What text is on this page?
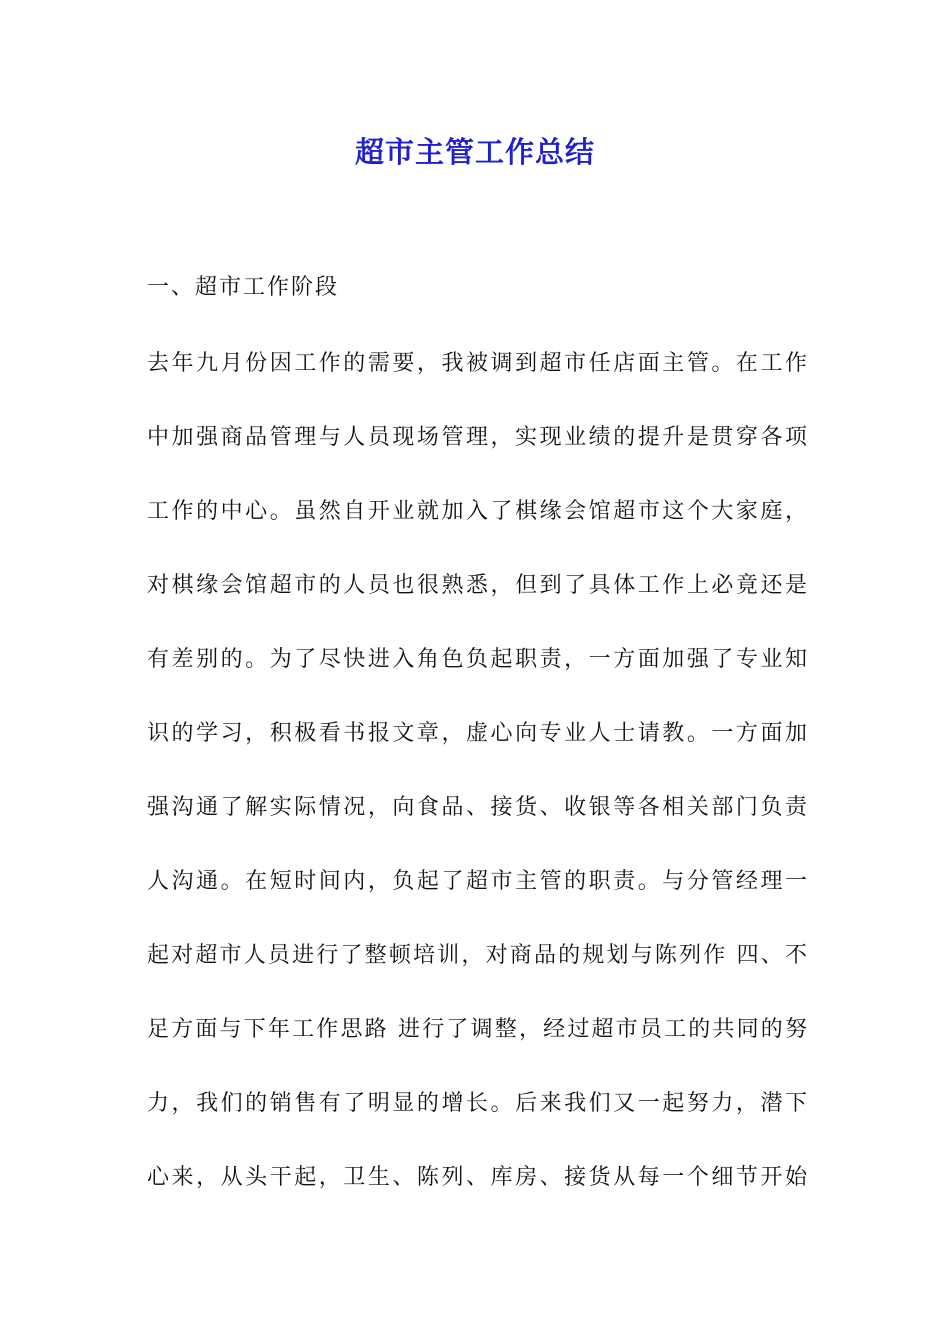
超市主管工作总结

一、超市工作阶段

去年九月份因工作的需要，我被调到超市任店面主管。在工作

中加强商品管理与人员现场管理，实现业绩的提升是贯穿各项

工作的中心。虽然自开业就加入了棋缘会馆超市这个大家庭，

对棋缘会馆超市的人员也很熟悉，但到了具体工作上必竟还是

有差别的。为了尽快进入角色负起职责，一方面加强了专业知

识的学习，积极看书报文章，虚心向专业人士请教。一方面加

强沟通了解实际情况，向食品、接货、收银等各相关部门负责

人沟通。在短时间内，负起了超市主管的职责。与分管经理一

起对超市人员进行了整顿培训，对商品的规划与陈列作 四、不

足方面与下年工作思路 进行了调整，经过超市员工的共同的努

力，我们的销售有了明显的增长。后来我们又一起努力，潜下

心来，从头干起，卫生、陈列、库房、接货从每一个细节开始
